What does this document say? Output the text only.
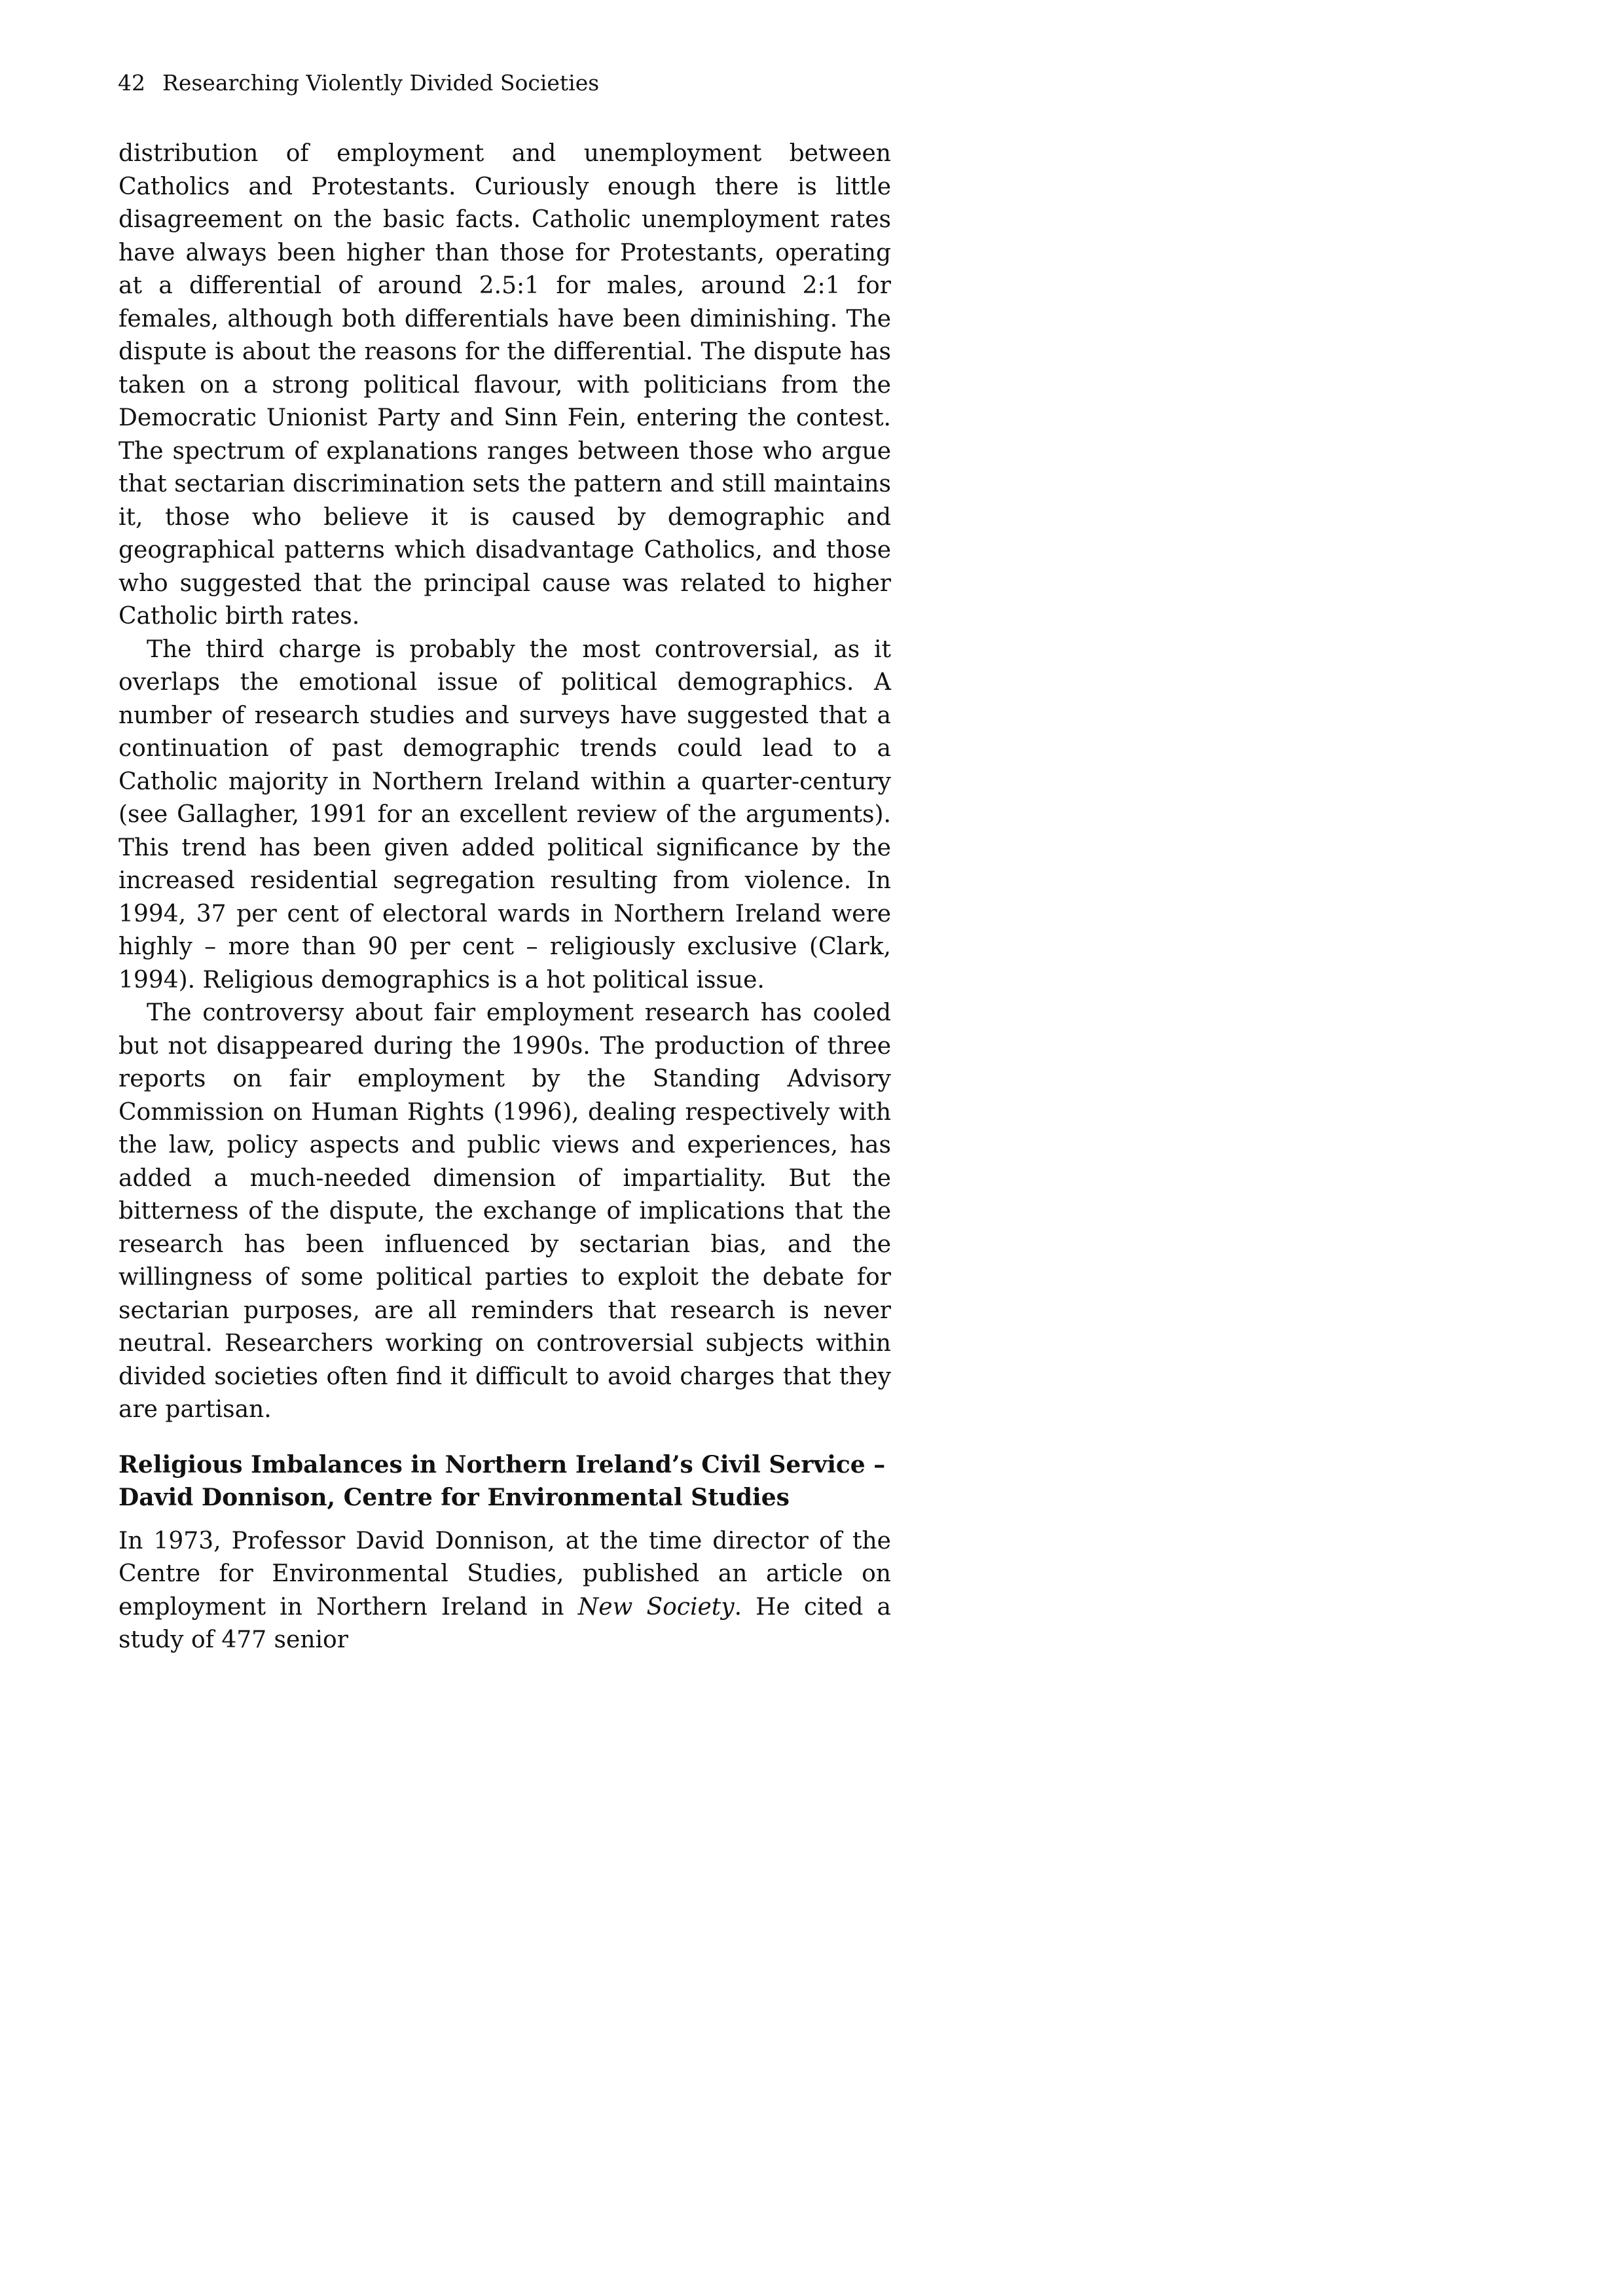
42 Researching Violently Divided Societies

distribution of employment and unemployment between Catholics and Protestants. Curiously enough there is little disagreement on the basic facts. Catholic unemployment rates have always been higher than those for Protestants, operating at a differential of around 2.5:1 for males, around 2:1 for females, although both differentials have been diminishing. The dispute is about the reasons for the differential. The dispute has taken on a strong political flavour, with politicians from the Democratic Unionist Party and Sinn Fein, entering the contest. The spectrum of explanations ranges between those who argue that sectarian discrimination sets the pattern and still maintains it, those who believe it is caused by demographic and geographical patterns which disadvantage Catholics, and those who suggested that the principal cause was related to higher Catholic birth rates.

The third charge is probably the most controversial, as it overlaps the emotional issue of political demographics. A number of research studies and surveys have suggested that a continuation of past demographic trends could lead to a Catholic majority in Northern Ireland within a quarter-century (see Gallagher, 1991 for an excellent review of the arguments). This trend has been given added political significance by the increased residential segregation resulting from violence. In 1994, 37 per cent of electoral wards in Northern Ireland were highly – more than 90 per cent – religiously exclusive (Clark, 1994). Religious demographics is a hot political issue.

The controversy about fair employment research has cooled but not disappeared during the 1990s. The production of three reports on fair employment by the Standing Advisory Commission on Human Rights (1996), dealing respectively with the law, policy aspects and public views and experiences, has added a much-needed dimension of impartiality. But the bitterness of the dispute, the exchange of implications that the research has been influenced by sectarian bias, and the willingness of some political parties to exploit the debate for sectarian purposes, are all reminders that research is never neutral. Researchers working on controversial subjects within divided societies often find it difficult to avoid charges that they are partisan.

Religious Imbalances in Northern Ireland’s Civil Service –
David Donnison, Centre for Environmental Studies

In 1973, Professor David Donnison, at the time director of the Centre for Environmental Studies, published an article on employment in Northern Ireland in New Society. He cited a study of 477 senior
